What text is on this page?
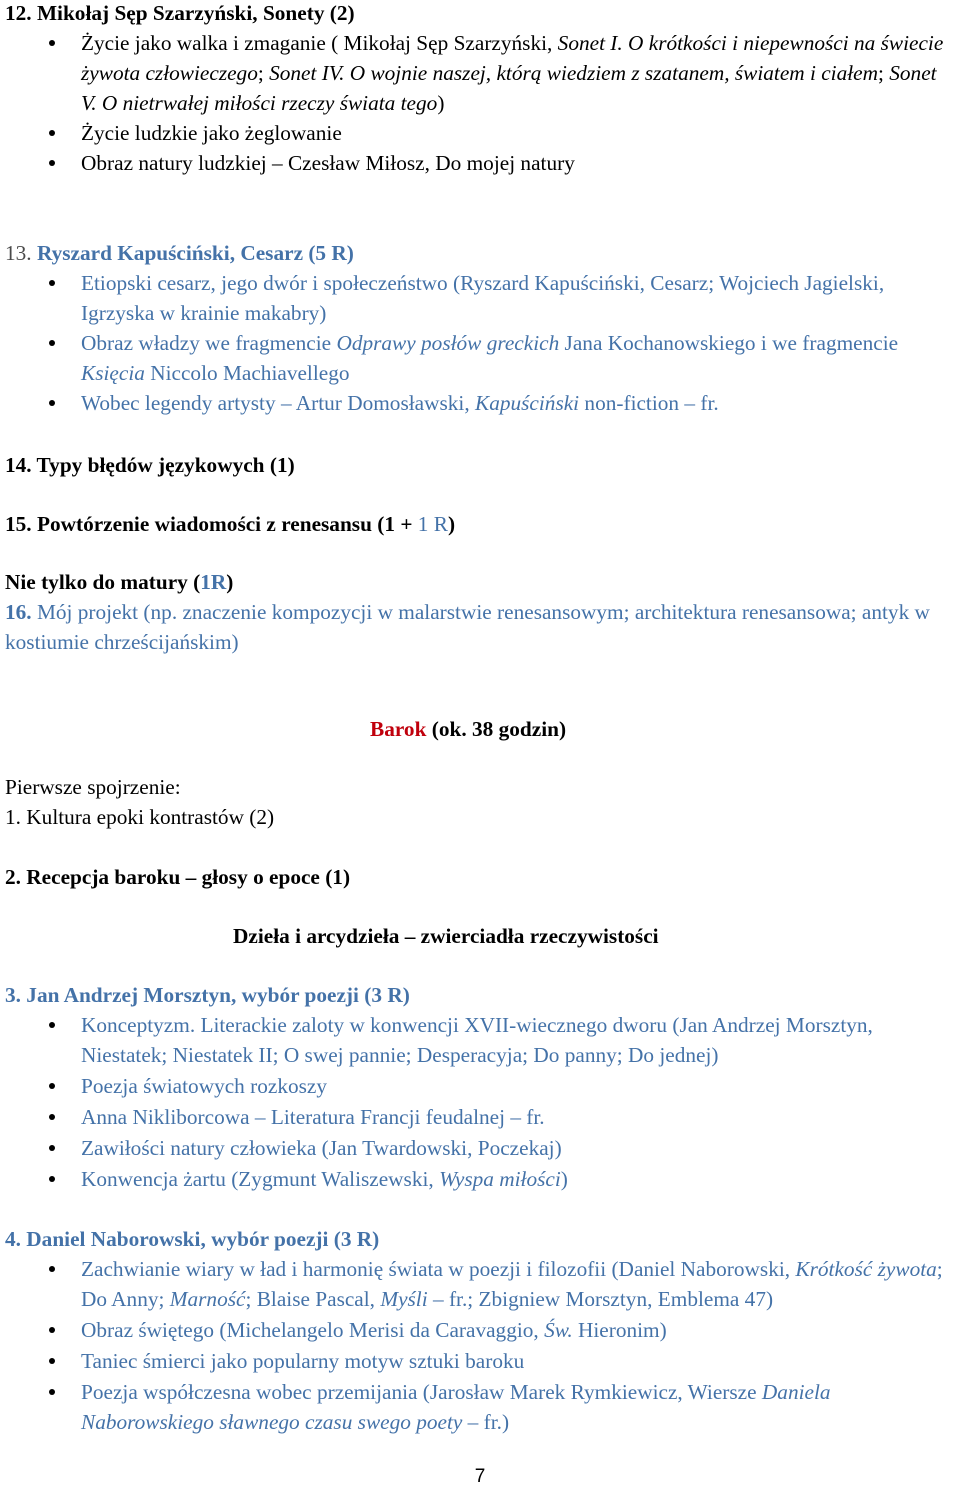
12. Mikołaj Sęp Szarzyński, Sonety (2)
Życie jako walka i zmaganie ( Mikołaj Sęp Szarzyński, Sonet I. O krótkości i niepewności na świecie żywota człowieczego; Sonet IV. O wojnie naszej, którą wiedziem z szatanem, światem i ciałem; Sonet V. O nietrwałej miłości rzeczy świata tego)
Życie ludzkie jako żeglowanie
Obraz natury ludzkiej – Czesław Miłosz, Do mojej natury
13. Ryszard Kapuściński, Cesarz (5 R)
Etiopski cesarz, jego dwór i społeczeństwo (Ryszard Kapuściński, Cesarz; Wojciech Jagielski, Igrzyska w krainie makabry)
Obraz władzy we fragmencie Odprawy posłów greckich Jana Kochanowskiego i we fragmencie Księcia Niccolo Machiavellego
Wobec legendy artysty – Artur Domosławski, Kapuściński non-fiction – fr.
14. Typy błędów językowych (1)
15. Powtórzenie wiadomości z renesansu (1 + 1 R)
Nie tylko do matury (1R)
16. Mój projekt (np. znaczenie kompozycji w malarstwie renesansowym; architektura renesansowa; antyk w kostiumie chrześcijańskim)
Barok (ok. 38 godzin)
Pierwsze spojrzenie:
1. Kultura epoki kontrastów (2)
2. Recepcja baroku – głosy o epoce (1)
Dzieła i arcydzieła – zwierciadła rzeczywistości
3. Jan Andrzej Morsztyn, wybór poezji (3 R)
Konceptyzm. Literackie zaloty w konwencji XVII-wiecznego dworu (Jan Andrzej Morsztyn, Niestatek; Niestatek II; O swej pannie; Desperacyja; Do panny; Do jednej)
Poezja światowych rozkoszy
Anna Nikliborcowa – Literatura Francji feudalnej – fr.
Zawiłości natury człowieka (Jan Twardowski, Poczekaj)
Konwencja żartu (Zygmunt Waliszewski, Wyspa miłości)
4. Daniel Naborowski, wybór poezji (3 R)
Zachwianie wiary w ład i harmonię świata w poezji i filozofii (Daniel Naborowski, Krótkość żywota; Do Anny; Marność; Blaise Pascal, Myśli – fr.; Zbigniew Morsztyn, Emblema 47)
Obraz świętego (Michelangelo Merisi da Caravaggio, Św. Hieronim)
Taniec śmierci jako popularny motyw sztuki baroku
Poezja współczesna wobec przemijania (Jarosław Marek Rymkiewicz, Wiersze Daniela Naborowskiego sławnego czasu swego poety – fr.)
7
